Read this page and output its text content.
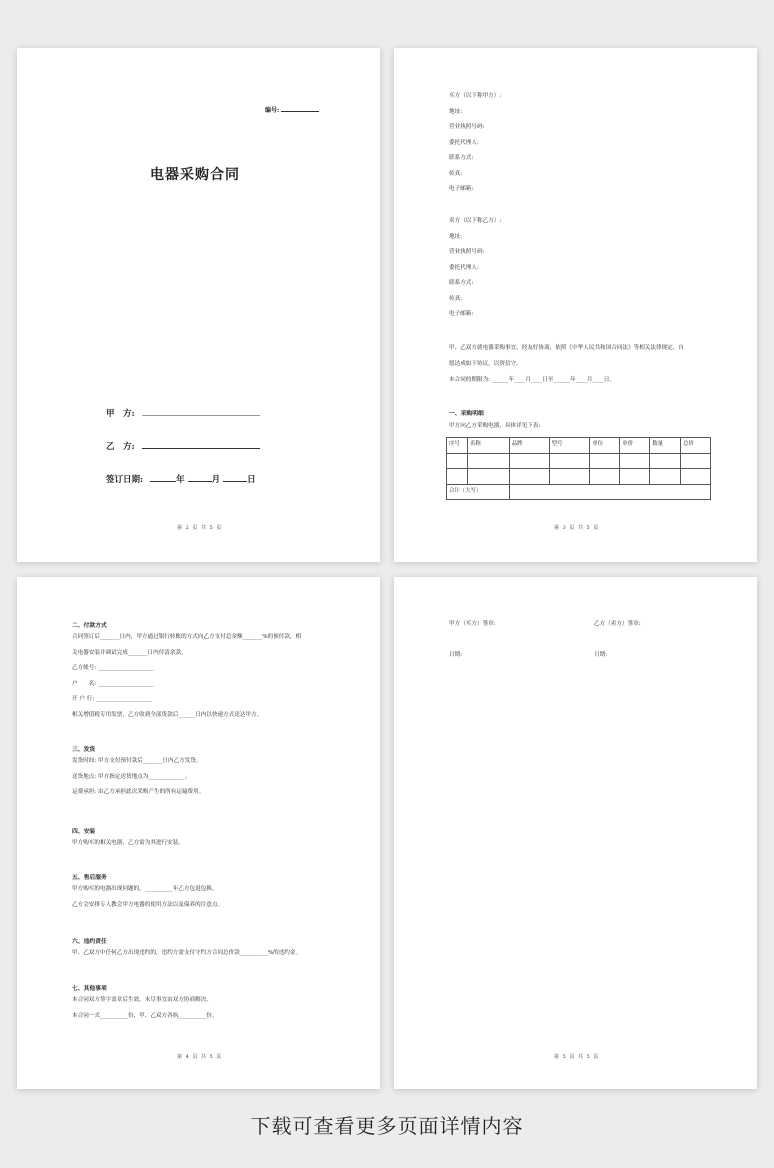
编号:
电器采购合同
甲　方:
乙　方:
签订日期:	年	月	日
第 2 页 共 5 页
甲、乙双方就电器采购事宜，经友好协商，依照《中华人民共和国合同法》等相关法律规定，自
愿达成如下协议，以资信守。
本合同的期限为: ______年____月____日至______年____月____日。
一、采购明细
甲方向乙方采购电器，具体详见下表:
序号	名称	品牌	型号	单位	单价	数量	总价

合计（大写）							
第 3 页 共 5 页
买方（以下称甲方）:
地址:
营业执照号码:
委托代理人:
联系方式:
传真:
电子邮箱:
卖方（以下称乙方）:
地址:
营业执照号码:
委托代理人:
联系方式:
传真:
电子邮箱:
第 4 页 共 5 页
二、付款方式
合同签订后_______日内，甲方通过银行转账的方式向乙方支付总金额_______%的预付款，相
关电器安装并调试完成_______日内付清余款。
乙方帐号: ____________________
户　　名: ____________________
开 户 行: ____________________
相关增值税专用发票，乙方收到全部货款后______日内以快递方式送达甲方。
三、发货
发货时间: 甲方支付预付款后_______日内乙方发货。
送货地点: 甲方指定送货地点为_____________。
运费承担: 由乙方承担此次采购产生的所有运输费用。
四、安装
甲方购买的相关电器，乙方需为其进行安装。
五、售后服务
甲方购买的电器出现问题的，__________年乙方包退包换。
乙方会安排专人教会甲方电器的使用方法以及保养的注意点。
六、违约责任
甲、乙双方中任何乙方出现违约的，违约方需支付守约方合同总价款__________%的违约金。
七、其他事项
本合同双方签字盖章后生效，未尽事宜由双方协商解决。
本合同一式__________份，甲、乙双方各执__________份。
甲方（买方）签章:	乙方（卖方）签章:
日期:	日期:
第 5 页 共 5 页
下载可查看更多页面详情内容
